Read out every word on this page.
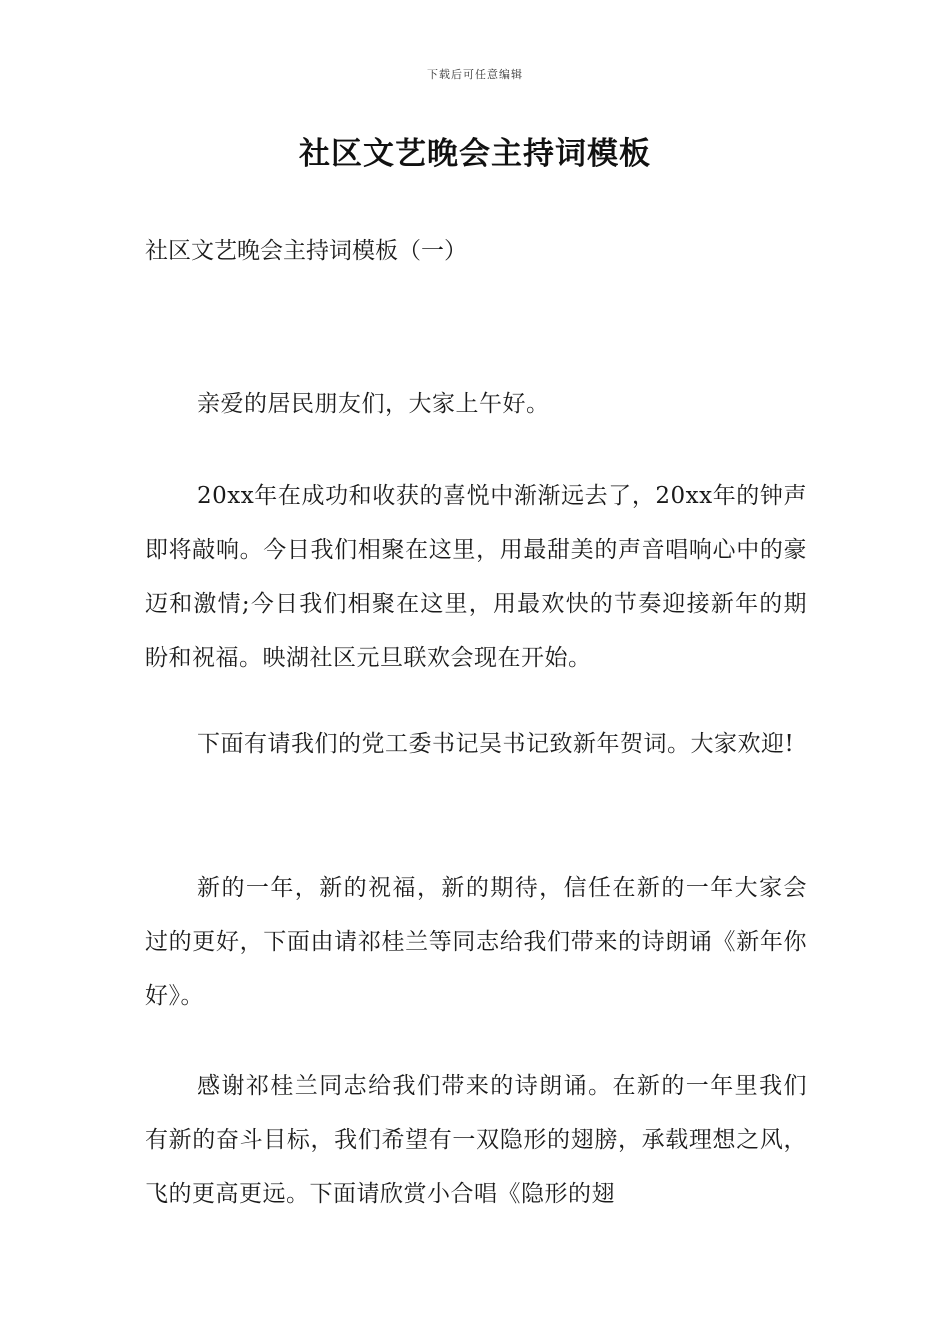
下载后可任意编辑
社区文艺晚会主持词模板

社区文艺晚会主持词模板（一）

亲爱的居民朋友们，大家上午好。

20xx年在成功和收获的喜悦中渐渐远去了，20xx年的钟声即将敲响。今日我们相聚在这里，用最甜美的声音唱响心中的豪迈和激情;今日我们相聚在这里，用最欢快的节奏迎接新年的期盼和祝福。映湖社区元旦联欢会现在开始。

下面有请我们的党工委书记吴书记致新年贺词。大家欢迎!

新的一年，新的祝福，新的期待，信任在新的一年大家会过的更好，下面由请祁桂兰等同志给我们带来的诗朗诵《新年你好》。

感谢祁桂兰同志给我们带来的诗朗诵。在新的一年里我们有新的奋斗目标，我们希望有一双隐形的翅膀，承载理想之风，飞的更高更远。下面请欣赏小合唱《隐形的翅
